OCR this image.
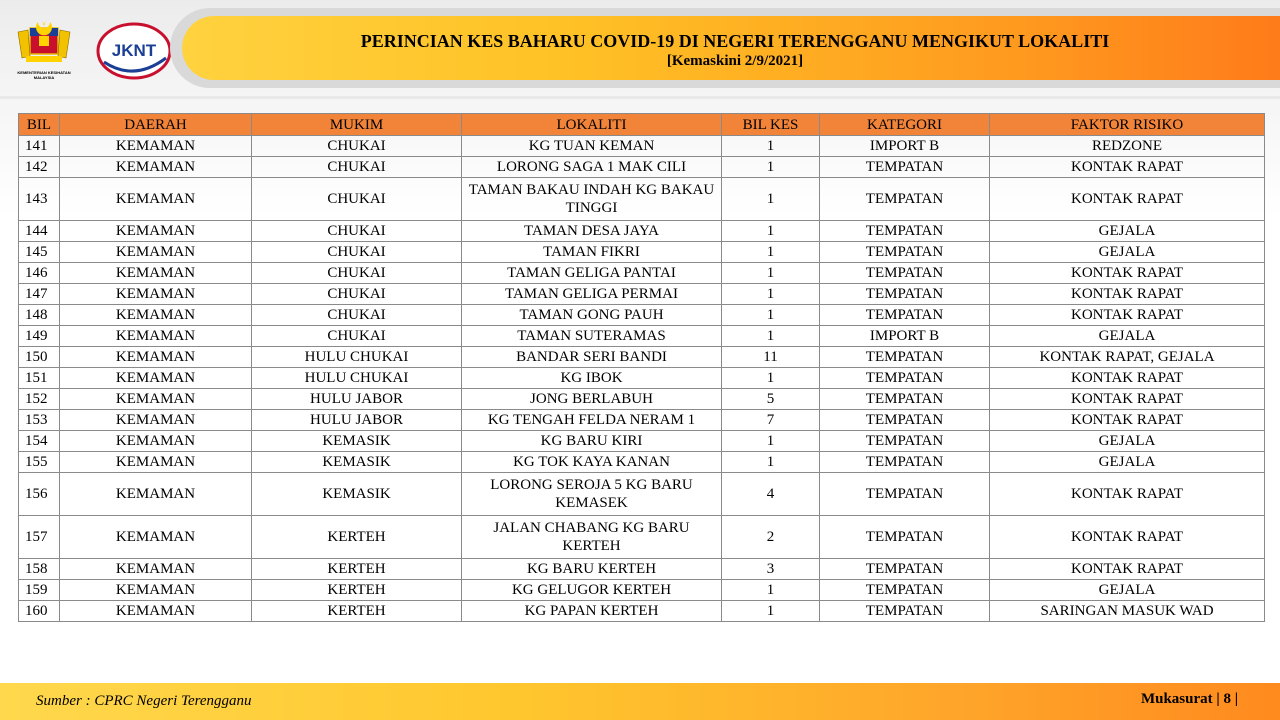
KEMENTERIAN KESIHATAN MALAYSIA
JKNT	PERINCIAN KES BAHARU COVID-19 DI NEGERI TERENGGANU MENGIKUT LOKALITI
[Kemaskini 2/9/2021]
BIL	DAERAH	MUKIM	LOKALITI	BIL KES	KATEGORI	FAKTOR RISIKO
141	KEMAMAN	CHUKAI	KG TUAN KEMAN	1	IMPORT B	REDZONE
142	KEMAMAN	CHUKAI	LORONG SAGA 1 MAK CILI	1	TEMPATAN	KONTAK RAPAT
143	KEMAMAN	CHUKAI	TAMAN BAKAU INDAH KG BAKAU TINGGI	1	TEMPATAN	KONTAK RAPAT
144	KEMAMAN	CHUKAI	TAMAN DESA JAYA	1	TEMPATAN	GEJALA
145	KEMAMAN	CHUKAI	TAMAN FIKRI	1	TEMPATAN	GEJALA
146	KEMAMAN	CHUKAI	TAMAN GELIGA PANTAI	1	TEMPATAN	KONTAK RAPAT
147	KEMAMAN	CHUKAI	TAMAN GELIGA PERMAI	1	TEMPATAN	KONTAK RAPAT
148	KEMAMAN	CHUKAI	TAMAN GONG PAUH	1	TEMPATAN	KONTAK RAPAT
149	KEMAMAN	CHUKAI	TAMAN SUTERAMAS	1	IMPORT B	GEJALA
150	KEMAMAN	HULU CHUKAI	BANDAR SERI BANDI	11	TEMPATAN	KONTAK RAPAT, GEJALA
151	KEMAMAN	HULU CHUKAI	KG IBOK	1	TEMPATAN	KONTAK RAPAT
152	KEMAMAN	HULU JABOR	JONG BERLABUH	5	TEMPATAN	KONTAK RAPAT
153	KEMAMAN	HULU JABOR	KG TENGAH FELDA NERAM 1	7	TEMPATAN	KONTAK RAPAT
154	KEMAMAN	KEMASIK	KG BARU KIRI	1	TEMPATAN	GEJALA
155	KEMAMAN	KEMASIK	KG TOK KAYA KANAN	1	TEMPATAN	GEJALA
156	KEMAMAN	KEMASIK	LORONG SEROJA 5 KG BARU KEMASEK	4	TEMPATAN	KONTAK RAPAT
157	KEMAMAN	KERTEH	JALAN CHABANG KG BARU KERTEH	2	TEMPATAN	KONTAK RAPAT
158	KEMAMAN	KERTEH	KG BARU KERTEH	3	TEMPATAN	KONTAK RAPAT
159	KEMAMAN	KERTEH	KG GELUGOR KERTEH	1	TEMPATAN	GEJALA
160	KEMAMAN	KERTEH	KG PAPAN KERTEH	1	TEMPATAN	SARINGAN MASUK WAD
Sumber : CPRC Negeri Terengganu	Mukasurat | 8 |
